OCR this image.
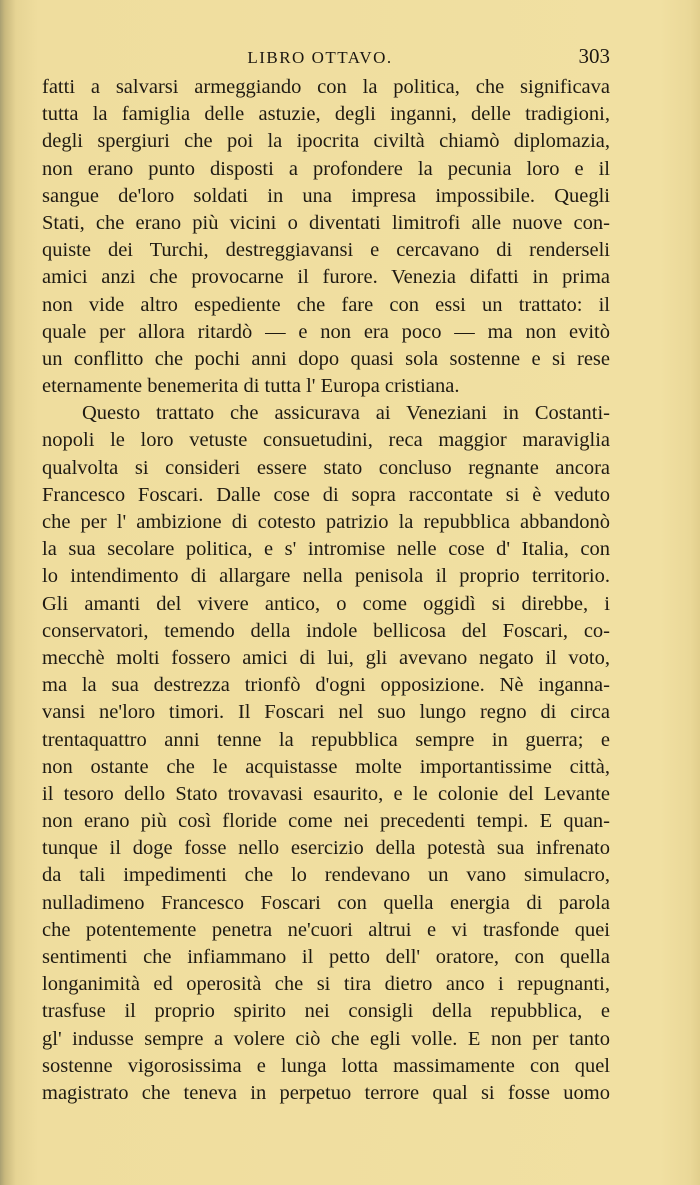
LIBRO OTTAVO.	303
fatti a salvarsi armeggiando con la politica, che significava
tutta la famiglia delle astuzie, degli inganni, delle tradigioni,
degli spergiuri che poi la ipocrita civiltà chiamò diplomazia,
non erano punto disposti a profondere la pecunia loro e il
sangue de'loro soldati in una impresa impossibile. Quegli
Stati, che erano più vicini o diventati limitrofi alle nuove con-
quiste dei Turchi, destreggiavansi e cercavano di renderseli
amici anzi che provocarne il furore. Venezia difatti in prima
non vide altro espediente che fare con essi un trattato: il
quale per allora ritardò — e non era poco — ma non evitò
un conflitto che pochi anni dopo quasi sola sostenne e si rese
eternamente benemerita di tutta l' Europa cristiana.
Questo trattato che assicurava ai Veneziani in Costanti-
nopoli le loro vetuste consuetudini, reca maggior maraviglia
qualvolta si consideri essere stato concluso regnante ancora
Francesco Foscari. Dalle cose di sopra raccontate si è veduto
che per l' ambizione di cotesto patrizio la repubblica abbandonò
la sua secolare politica, e s' intromise nelle cose d' Italia, con
lo intendimento di allargare nella penisola il proprio territorio.
Gli amanti del vivere antico, o come oggidì si direbbe, i
conservatori, temendo della indole bellicosa del Foscari, co-
mecchè molti fossero amici di lui, gli avevano negato il voto,
ma la sua destrezza trionfò d'ogni opposizione. Nè inganna-
vansi ne'loro timori. Il Foscari nel suo lungo regno di circa
trentaquattro anni tenne la repubblica sempre in guerra; e
non ostante che le acquistasse molte importantissime città,
il tesoro dello Stato trovavasi esaurito, e le colonie del Levante
non erano più così floride come nei precedenti tempi. E quan-
tunque il doge fosse nello esercizio della potestà sua infrenato
da tali impedimenti che lo rendevano un vano simulacro,
nulladimeno Francesco Foscari con quella energia di parola
che potentemente penetra ne'cuori altrui e vi trasfonde quei
sentimenti che infiammano il petto dell' oratore, con quella
longanimità ed operosità che si tira dietro anco i repugnanti,
trasfuse il proprio spirito nei consigli della repubblica, e
gl' indusse sempre a volere ciò che egli volle. E non per tanto
sostenne vigorosissima e lunga lotta massimamente con quel
magistrato che teneva in perpetuo terrore qual si fosse uomo
